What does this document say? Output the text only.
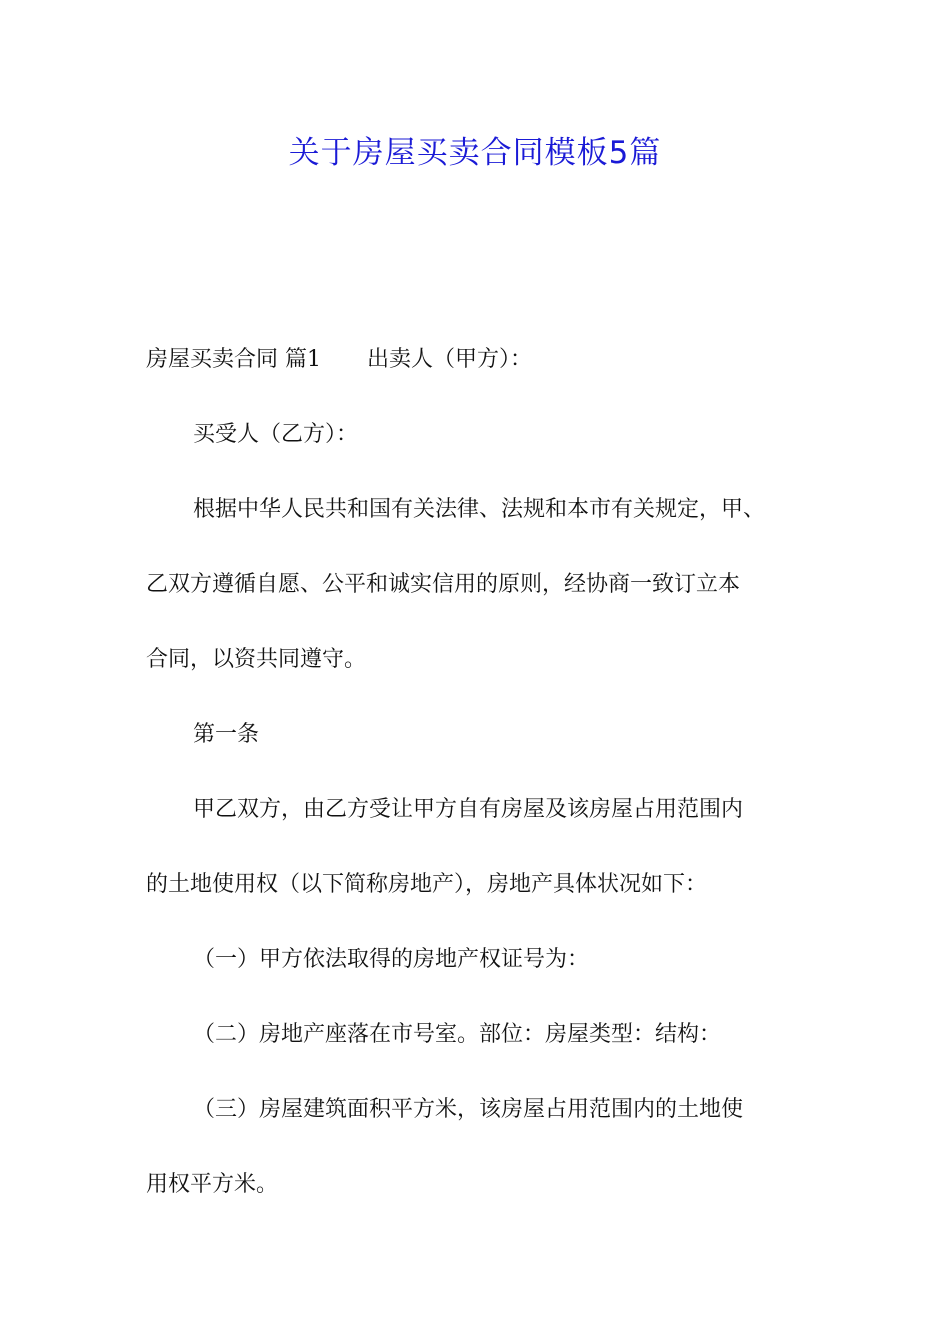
关于房屋买卖合同模板5篇

房屋买卖合同 篇1 出卖人（甲方）：

买受人（乙方）：

根据中华人民共和国有关法律、法规和本市有关规定，甲、

乙双方遵循自愿、公平和诚实信用的原则，经协商一致订立本

合同，以资共同遵守。

第一条

甲乙双方，由乙方受让甲方自有房屋及该房屋占用范围内

的土地使用权（以下简称房地产），房地产具体状况如下：

（一）甲方依法取得的房地产权证号为：

（二）房地产座落在市号室。部位：房屋类型：结构：

（三）房屋建筑面积平方米，该房屋占用范围内的土地使

用权平方米。
